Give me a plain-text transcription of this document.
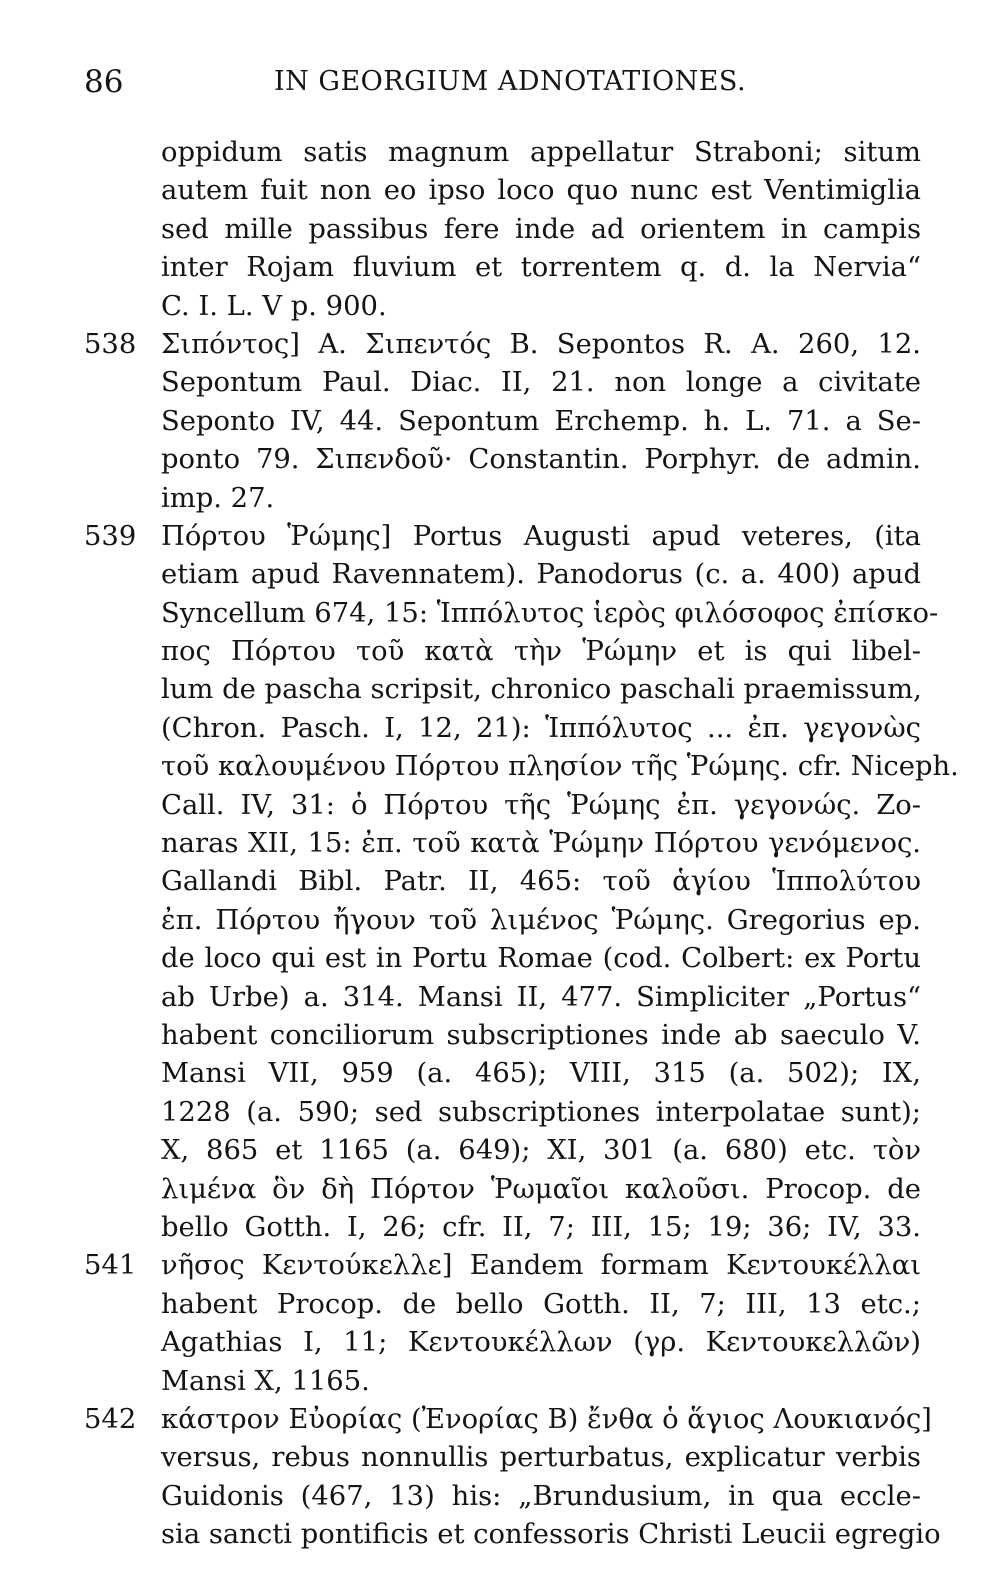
86	IN GEORGIUM ADNOTATIONES.
oppidum satis magnum appellatur Straboni; situm
autem fuit non eo ipso loco quo nunc est Ventimiglia
sed mille passibus fere inde ad orientem in campis
inter Rojam fluvium et torrentem q. d. la Nervia“
C. I. L. V p. 900.
538 Σιπόντος] A. Σιπεντός B. Sepontos R. A. 260, 12.
Sepontum Paul. Diac. II, 21. non longe a civitate
Seponto IV, 44. Sepontum Erchemp. h. L. 71. a Se-
ponto 79. Σιπενδοῦ· Constantin. Porphyr. de admin.
imp. 27.
539 Πόρτου Ῥώμης] Portus Augusti apud veteres, (ita
etiam apud Ravennatem). Panodorus (c. a. 400) apud
Syncellum 674, 15: Ἱππόλυτος ἱερὸς φιλόσοφος ἐπίσκο-
πος Πόρτου τοῦ κατὰ τὴν Ῥώμην et is qui libel-
lum de pascha scripsit, chronico paschali praemissum,
(Chron. Pasch. I, 12, 21): Ἱππόλυτος ... ἐπ. γεγονὼς
τοῦ καλουμένου Πόρτου πλησίον τῆς Ῥώμης. cfr. Niceph.
Call. IV, 31: ὁ Πόρτου τῆς Ῥώμης ἐπ. γεγονώς. Zo-
naras XII, 15: ἐπ. τοῦ κατὰ Ῥώμην Πόρτου γενόμενος.
Gallandi Bibl. Patr. II, 465: τοῦ ἁγίου Ἱππολύτου
ἐπ. Πόρτου ἤγουν τοῦ λιμένος Ῥώμης. Gregorius ep.
de loco qui est in Portu Romae (cod. Colbert: ex Portu
ab Urbe) a. 314. Mansi II, 477. Simpliciter „Portus“
habent conciliorum subscriptiones inde ab saeculo V.
Mansi VII, 959 (a. 465); VIII, 315 (a. 502); IX,
1228 (a. 590; sed subscriptiones interpolatae sunt);
X, 865 et 1165 (a. 649); XI, 301 (a. 680) etc. τὸν
λιμένα ὃν δὴ Πόρτον Ῥωμαῖοι καλοῦσι. Procop. de
bello Gotth. I, 26; cfr. II, 7; III, 15; 19; 36; IV, 33.
541 νῆσος Κεντούκελλε] Eandem formam Κεντουκέλλαι
habent Procop. de bello Gotth. II, 7; III, 13 etc.;
Agathias I, 11; Κεντουκέλλων (γρ. Κεντουκελλῶν)
Mansi X, 1165.
542 κάστρον Εὐορίας (Ἐνορίας B) ἔνθα ὁ ἅγιος Λουκιανός]
versus, rebus nonnullis perturbatus, explicatur verbis
Guidonis (467, 13) his: „Brundusium, in qua eccle-
sia sancti pontificis et confessoris Christi Leucii egregio
